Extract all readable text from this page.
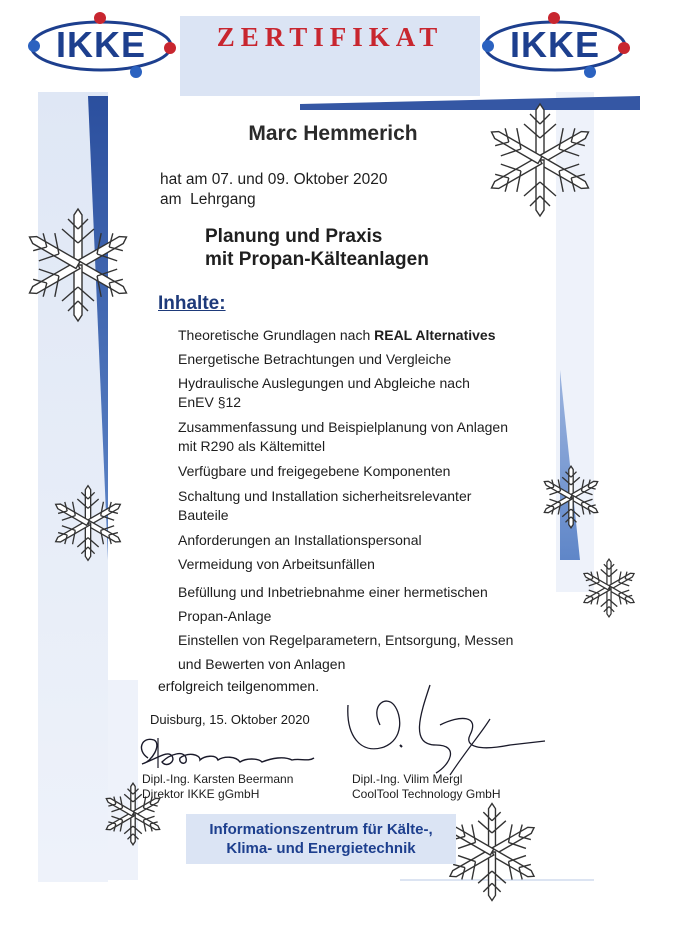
ZERTIFIKAT
IKKE	IKKE
Marc Hemmerich
hat am 07. und 09. Oktober 2020
am  Lehrgang
Planung und Praxis
mit Propan-Kälteanlagen
Inhalte:
Theoretische Grundlagen nach REAL Alternatives
Energetische Betrachtungen und Vergleiche
Hydraulische Auslegungen und Abgleiche nach
EnEV §12
Zusammenfassung und Beispielplanung von Anlagen
mit R290 als Kältemittel
Verfügbare und freigegebene Komponenten
Schaltung und Installation sicherheitsrelevanter
Bauteile
Anforderungen an Installationspersonal
Vermeidung von Arbeitsunfällen
Befüllung und Inbetriebnahme einer hermetischen
Propan-Anlage
Einstellen von Regelparametern, Entsorgung, Messen
und Bewerten von Anlagen
erfolgreich teilgenommen.
Duisburg, 15. Oktober 2020
Dipl.-Ing. Karsten Beermann
Direktor IKKE gGmbH
Dipl.-Ing. Vilim Mergl
CoolTool Technology GmbH
Informationszentrum für Kälte-,
Klima- und Energietechnik
